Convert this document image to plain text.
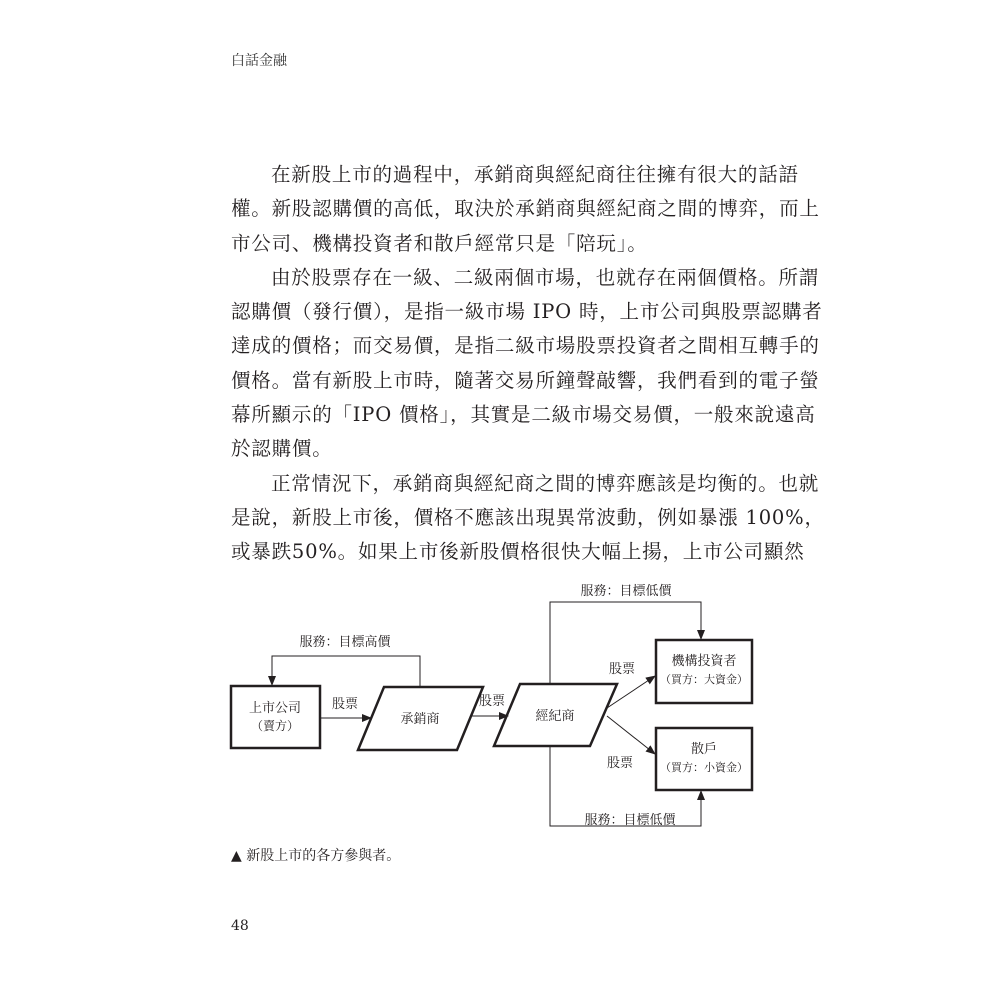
白話金融
在新股上市的過程中，承銷商與經紀商往往擁有很大的話語
權。新股認購價的高低，取決於承銷商與經紀商之間的博弈，而上
市公司、機構投資者和散戶經常只是「陪玩」。
由於股票存在一級、二級兩個市場，也就存在兩個價格。所謂
認購價（發行價），是指一級市場 IPO 時，上市公司與股票認購者
達成的價格；而交易價，是指二級市場股票投資者之間相互轉手的
價格。當有新股上市時，隨著交易所鐘聲敲響，我們看到的電子螢
幕所顯示的「IPO 價格」，其實是二級市場交易價，一般來說遠高
於認購價。
正常情況下，承銷商與經紀商之間的博弈應該是均衡的。也就
是說，新股上市後，價格不應該出現異常波動，例如暴漲 100%，
或暴跌50%。如果上市後新股價格很快大幅上揚，上市公司顯然
上市公司
（賣方）	承銷商	經紀商
機構投資者
（買方：大資金）
散戶
（買方：小資金）
股票	股票
股票
股票
服務：目標高價
服務：目標低價
服務：目標低價
▲ 新股上市的各方參與者。
48
